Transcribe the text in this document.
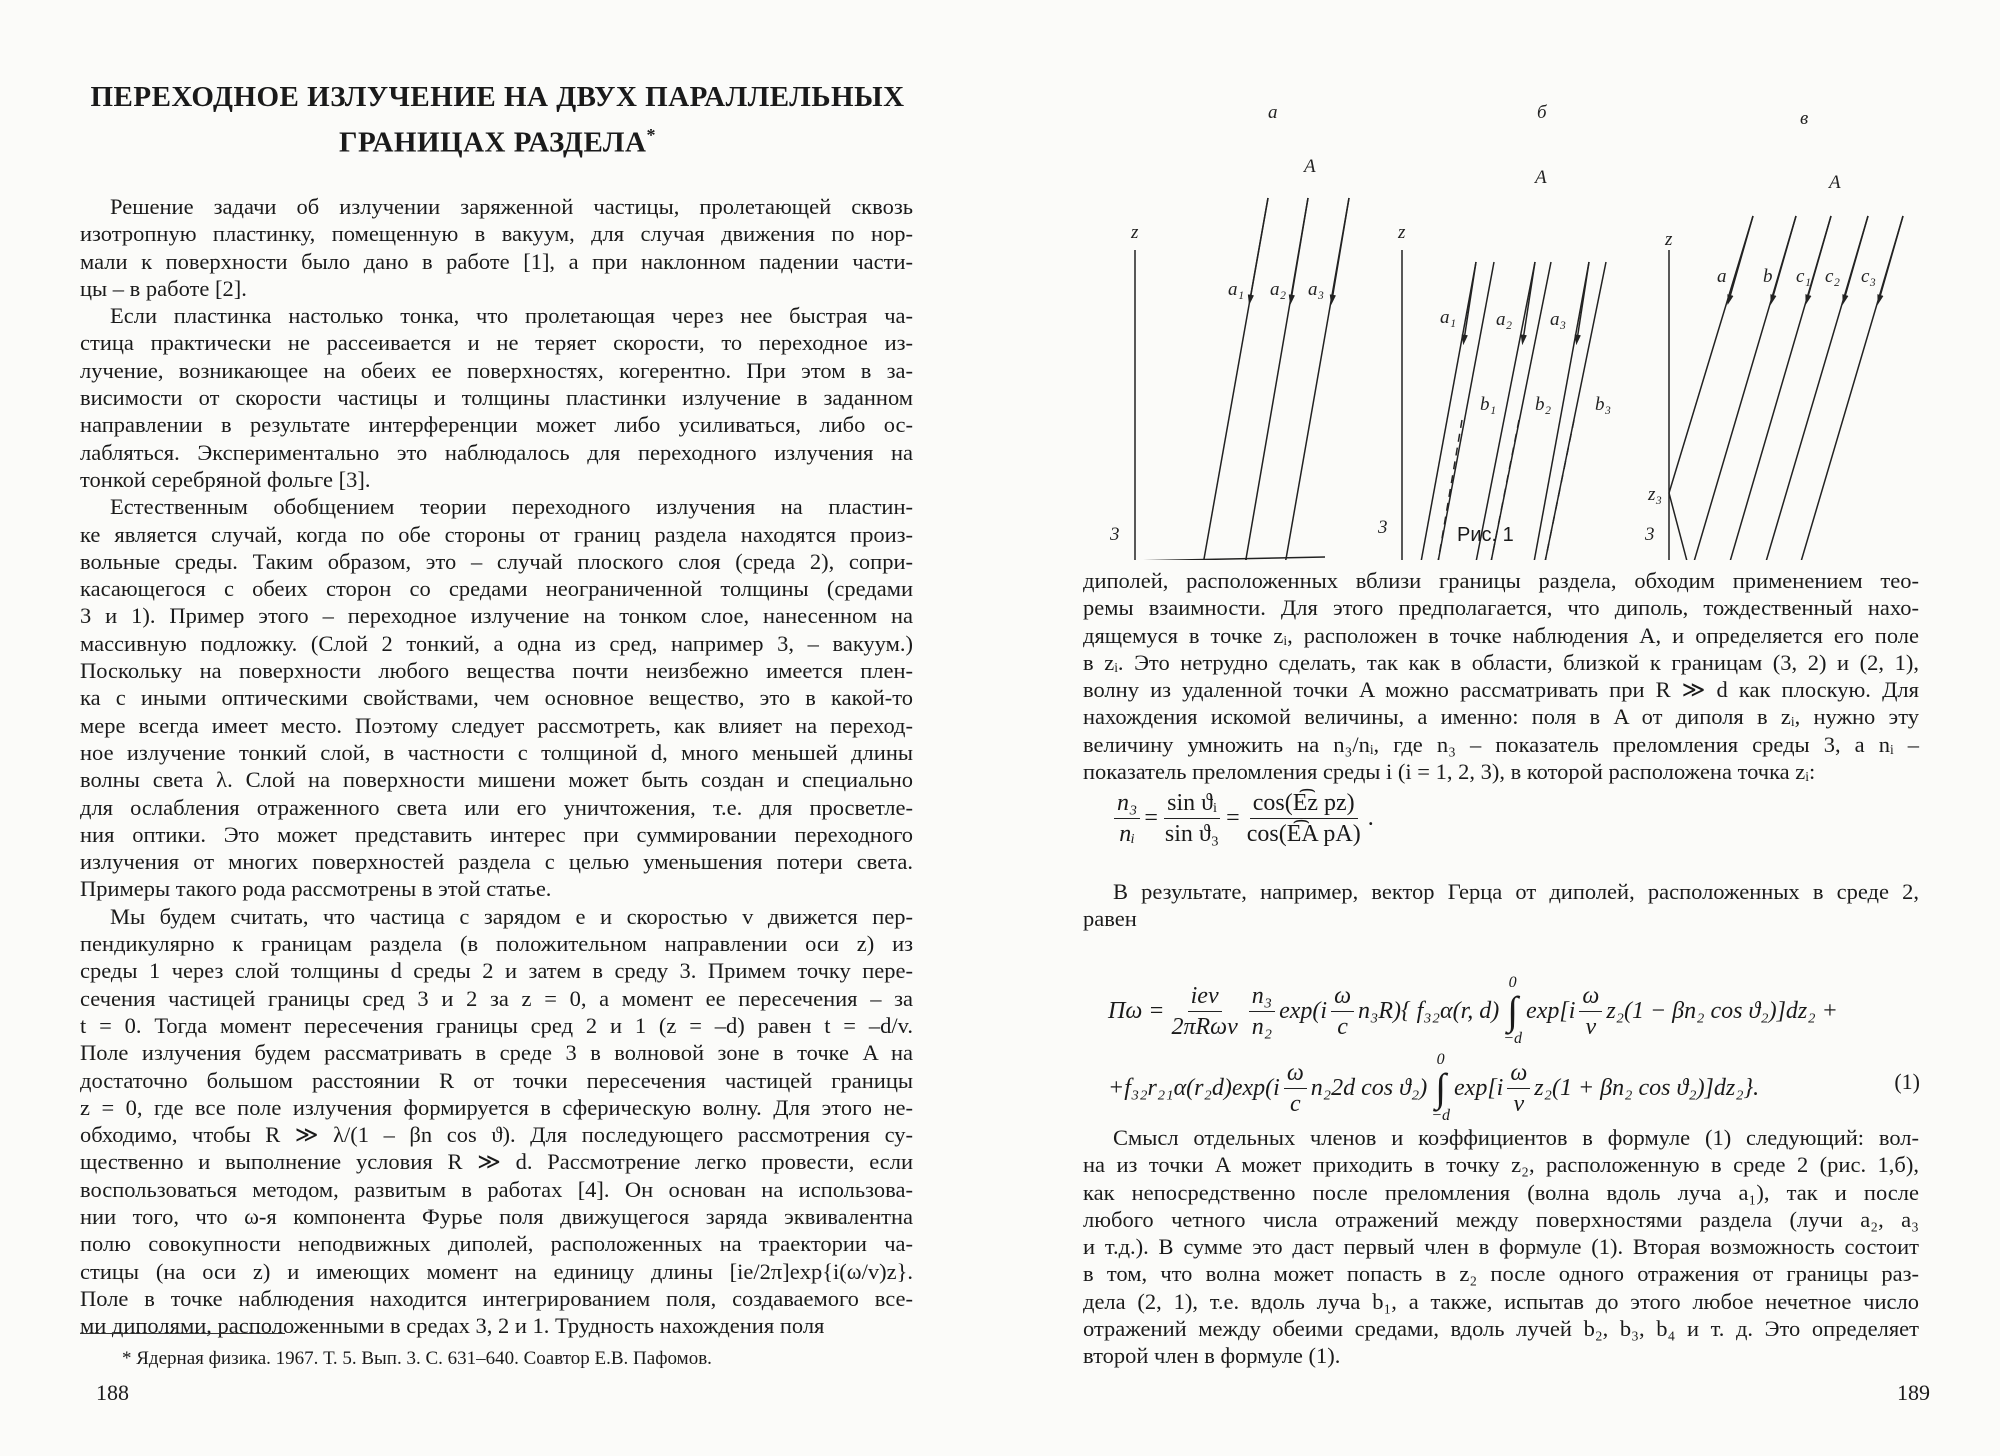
ПЕРЕХОДНОЕ ИЗЛУЧЕНИЕ НА ДВУХ ПАРАЛЛЕЛЬНЫХ
ГРАНИЦАХ РАЗДЕЛА*
Решение задачи об излучении заряженной частицы, пролетающей сквозь
изотропную пластинку, помещенную в вакуум, для случая движения по нор-
мали к поверхности было дано в работе [1], а при наклонном падении части-
цы – в работе [2].
Если пластинка настолько тонка, что пролетающая через нее быстрая ча-
стица практически не рассеивается и не теряет скорости, то переходное из-
лучение, возникающее на обеих ее поверхностях, когерентно. При этом в за-
висимости от скорости частицы и толщины пластинки излучение в заданном
направлении в результате интерференции может либо усиливаться, либо ос-
лабляться. Экспериментально это наблюдалось для переходного излучения на
тонкой серебряной фольге [3].
Естественным обобщением теории переходного излучения на пластин-
ке является случай, когда по обе стороны от границ раздела находятся произ-
вольные среды. Таким образом, это – случай плоского слоя (среда 2), сопри-
касающегося с обеих сторон со средами неограниченной толщины (средами
3 и 1). Пример этого – переходное излучение на тонком слое, нанесенном на
массивную подложку. (Слой 2 тонкий, а одна из сред, например 3, – вакуум.)
Поскольку на поверхности любого вещества почти неизбежно имеется плен-
ка с иными оптическими свойствами, чем основное вещество, это в какой-то
мере всегда имеет место. Поэтому следует рассмотреть, как влияет на переход-
ное излучение тонкий слой, в частности с толщиной d, много меньшей длины
волны света λ. Слой на поверхности мишени может быть создан и специально
для ослабления отраженного света или его уничтожения, т.е. для просветле-
ния оптики. Это может представить интерес при суммировании переходного
излучения от многих поверхностей раздела с целью уменьшения потери света.
Примеры такого рода рассмотрены в этой статье.
Мы будем считать, что частица с зарядом e и скоростью v движется пер-
пендикулярно к границам раздела (в положительном направлении оси z) из
среды 1 через слой толщины d среды 2 и затем в среду 3. Примем точку пере-
сечения частицей границы сред 3 и 2 за z = 0, а момент ее пересечения – за
t = 0. Тогда момент пересечения границы сред 2 и 1 (z = –d) равен t = –d/v.
Поле излучения будем рассматривать в среде 3 в волновой зоне в точке A на
достаточно большом расстоянии R от точки пересечения частицей границы
z = 0, где все поле излучения формируется в сферическую волну. Для этого не-
обходимо, чтобы R ≫ λ/(1 – βn cos ϑ). Для последующего рассмотрения су-
щественно и выполнение условия R ≫ d. Рассмотрение легко провести, если
воспользоваться методом, развитым в работах [4]. Он основан на использова-
нии того, что ω-я компонента Фурье поля движущегося заряда эквивалентна
полю совокупности неподвижных диполей, расположенных на траектории ча-
стицы (на оси z) и имеющих момент на единицу длины [ie/2π]exp{i(ω/v)z}.
Поле в точке наблюдения находится интегрированием поля, создаваемого все-
ми диполями, расположенными в средах 3, 2 и 1. Трудность нахождения поля
* Ядерная физика. 1967. Т. 5. Вып. 3. С. 631–640. Соавтор Е.В. Пафомов.
188
а	б	в
A
A	A
z	z	z
3	3	3
a₁ a₂ a₃
a₁ a₂ a₃
b₁ b₂ b₃
a b c₁ c₂ c₃
z₃
Рис. 1
диполей, расположенных вблизи границы раздела, обходим применением тео-
ремы взаимности. Для этого предполагается, что диполь, тождественный нахо-
дящемуся в точке zᵢ, расположен в точке наблюдения A, и определяется его поле
в zᵢ. Это нетрудно сделать, так как в области, близкой к границам (3, 2) и (2, 1),
волну из удаленной точки A можно рассматривать при R ≫ d как плоскую. Для
нахождения искомой величины, а именно: поля в A от диполя в zᵢ, нужно эту
величину умножить на n₃/nᵢ, где n₃ – показатель преломления среды 3, а nᵢ –
показатель преломления среды i (i = 1, 2, 3), в которой расположена точка zᵢ:
$\frac{\text{n₃}}{\text{nᵢ}} = \frac{\text{sin ϑᵢ}}{\text{sin ϑ₃}} = \frac{\text{cos(E͡z pz)}}{\text{cos(E͡A pA)}}$ .
В результате, например, вектор Герца от диполей, расположенных в среде 2,
равен
$\Pi\omega = \frac{\text{ieν}}{\text{2πRωv}} \frac{\text{n₃}}{\text{n₂}} \exp(i \frac{\omega}{c} n_3R)${ f₃₂α(r, d)
0
∫
−d
$\exp[i \frac{\omega}{v} z_2(1 - \beta n_2$ cos ϑ₂)]dz₂ +
$+f_{32}r_{21}\alpha(r_2d)\exp(i \frac{\omega}{c} n_22d$ cos ϑ₂)
0
∫
−d
$\exp[i \frac{\omega}{v} z_2(1 + \beta n_2$ cos ϑ₂)]dz₂}.	(1)
Смысл отдельных членов и коэффициентов в формуле (1) следующий: вол-
на из точки A может приходить в точку z₂, расположенную в среде 2 (рис. 1,б),
как непосредственно после преломления (волна вдоль луча a₁), так и после
любого четного числа отражений между поверхностями раздела (лучи a₂, a₃
и т.д.). В сумме это даст первый член в формуле (1). Вторая возможность состоит
в том, что волна может попасть в z₂ после одного отражения от границы раз-
дела (2, 1), т.е. вдоль луча b₁, а также, испытав до этого любое нечетное число
отражений между обеими средами, вдоль лучей b₂, b₃, b₄ и т. д. Это определяет
второй член в формуле (1).
189
